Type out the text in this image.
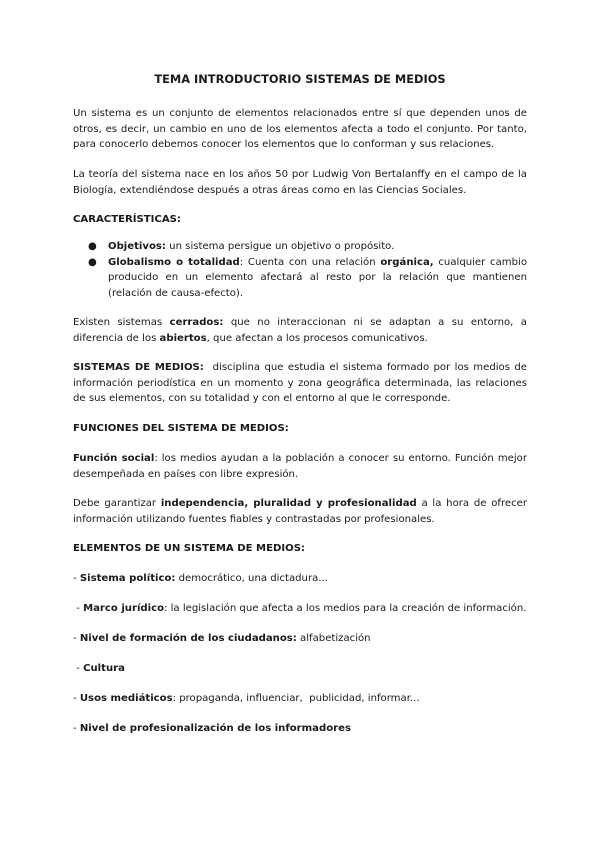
TEMA INTRODUCTORIO SISTEMAS DE MEDIOS

Un sistema es un conjunto de elementos relacionados entre sí que dependen unos de otros, es decir, un cambio en uno de los elementos afecta a todo el conjunto. Por tanto, para conocerlo debemos conocer los elementos que lo conforman y sus relaciones.

La teoría del sistema nace en los años 50 por Ludwig Von Bertalanffy en el campo de la Biología, extendiéndose después a otras áreas como en las Ciencias Sociales.

CARACTERÍSTICAS:

● Objetivos: un sistema persigue un objetivo o propósito.
● Globalismo o totalidad: Cuenta con una relación orgánica, cualquier cambio producido en un elemento afectará al resto por la relación que mantienen (relación de causa-efecto).

Existen sistemas cerrados: que no interaccionan ni se adaptan a su entorno, a diferencia de los abiertos, que afectan a los procesos comunicativos.

SISTEMAS DE MEDIOS:  disciplina que estudia el sistema formado por los medios de información periodística en un momento y zona geográfica determinada, las relaciones de sus elementos, con su totalidad y con el entorno al que le corresponde.

FUNCIONES DEL SISTEMA DE MEDIOS:

Función social: los medios ayudan a la población a conocer su entorno. Función mejor desempeñada en países con libre expresión.

Debe garantizar independencia, pluralidad y profesionalidad a la hora de ofrecer información utilizando fuentes fiables y contrastadas por profesionales.

ELEMENTOS DE UN SISTEMA DE MEDIOS:

- Sistema político: democrático, una dictadura...

- Marco jurídico: la legislación que afecta a los medios para la creación de información.

- Nivel de formación de los ciudadanos: alfabetización

- Cultura

- Usos mediáticos: propaganda, influenciar,  publicidad, informar...

- Nivel de profesionalización de los informadores
